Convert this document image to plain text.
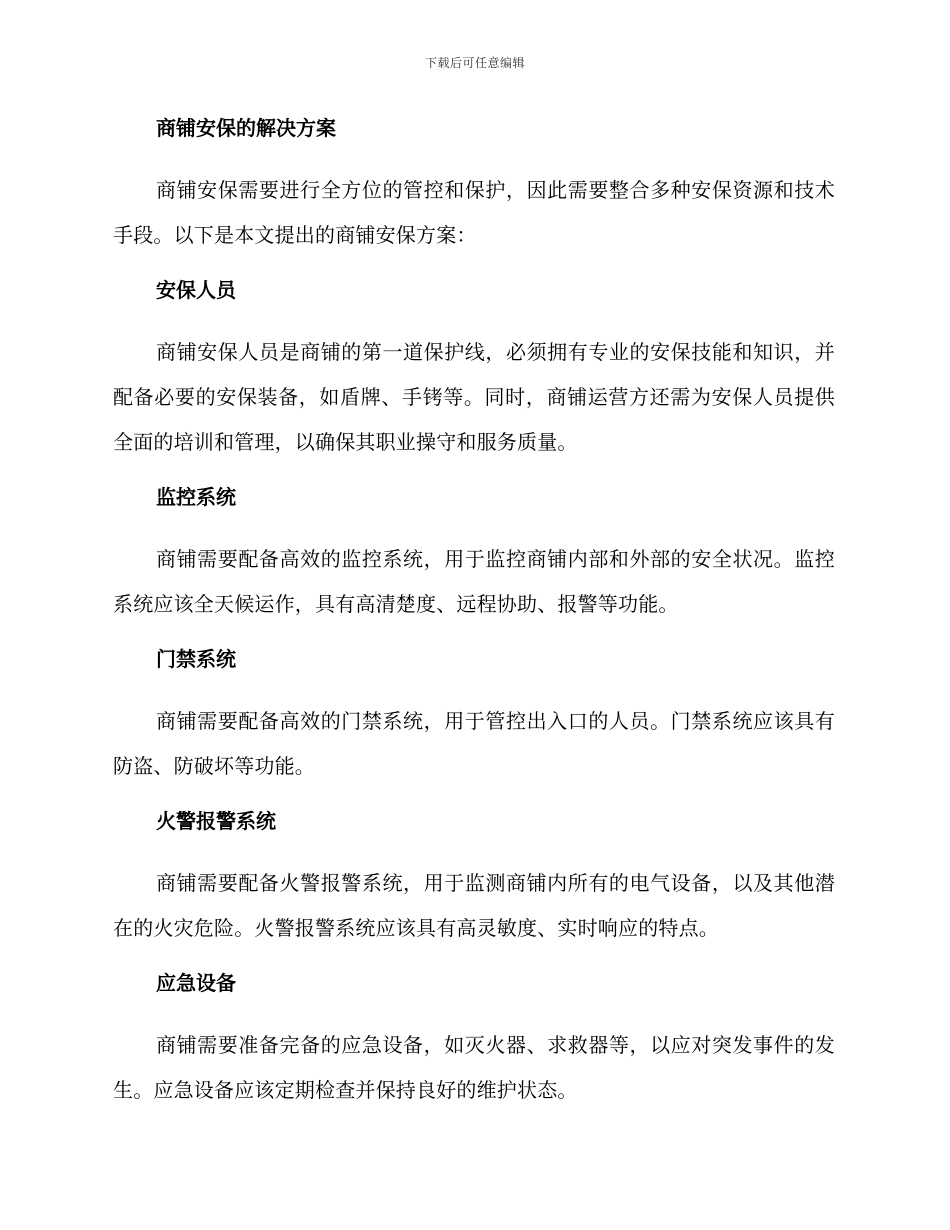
下载后可任意编辑
商铺安保的解决方案

商铺安保需要进行全方位的管控和保护，因此需要整合多种安保资源和技术手段。以下是本文提出的商铺安保方案：

安保人员

商铺安保人员是商铺的第一道保护线，必须拥有专业的安保技能和知识，并配备必要的安保装备，如盾牌、手铐等。同时，商铺运营方还需为安保人员提供全面的培训和管理，以确保其职业操守和服务质量。

监控系统

商铺需要配备高效的监控系统，用于监控商铺内部和外部的安全状况。监控系统应该全天候运作，具有高清楚度、远程协助、报警等功能。

门禁系统

商铺需要配备高效的门禁系统，用于管控出入口的人员。门禁系统应该具有防盗、防破坏等功能。

火警报警系统

商铺需要配备火警报警系统，用于监测商铺内所有的电气设备，以及其他潜在的火灾危险。火警报警系统应该具有高灵敏度、实时响应的特点。

应急设备

商铺需要准备完备的应急设备，如灭火器、求救器等，以应对突发事件的发生。应急设备应该定期检查并保持良好的维护状态。
